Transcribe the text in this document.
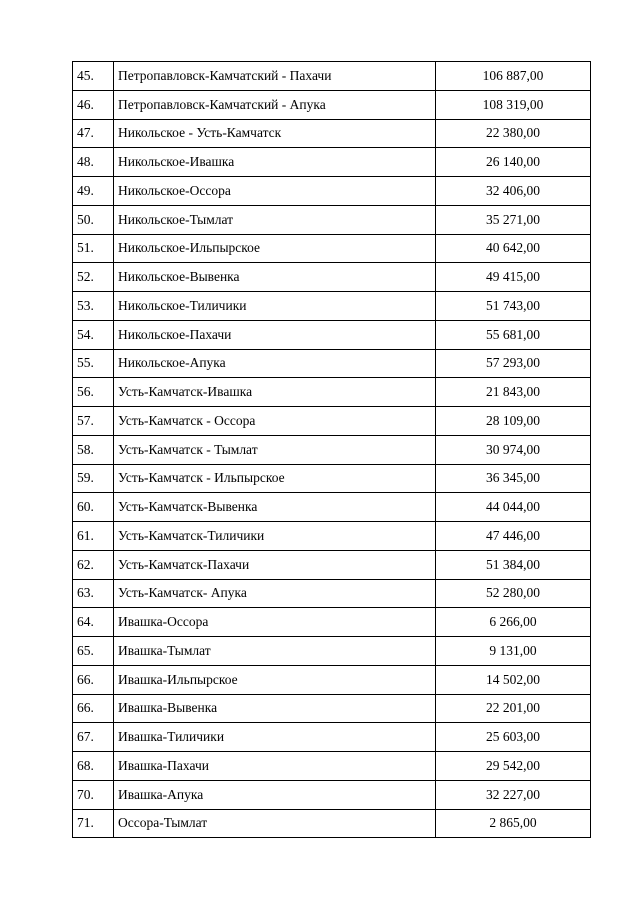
45.	Петропавловск-Камчатский - Пахачи	106 887,00
46.	Петропавловск-Камчатский - Апука	108 319,00
47.	Никольское - Усть-Камчатск	22 380,00
48.	Никольское-Ивашка	26 140,00
49.	Никольское-Оссора	32 406,00
50.	Никольское-Тымлат	35 271,00
51.	Никольское-Ильпырское	40 642,00
52.	Никольское-Вывенка	49 415,00
53.	Никольское-Тиличики	51 743,00
54.	Никольское-Пахачи	55 681,00
55.	Никольское-Апука	57 293,00
56.	Усть-Камчатск-Ивашка	21 843,00
57.	Усть-Камчатск - Оссора	28 109,00
58.	Усть-Камчатск - Тымлат	30 974,00
59.	Усть-Камчатск - Ильпырское	36 345,00
60.	Усть-Камчатск-Вывенка	44 044,00
61.	Усть-Камчатск-Тиличики	47 446,00
62.	Усть-Камчатск-Пахачи	51 384,00
63.	Усть-Камчатск- Апука	52 280,00
64.	Ивашка-Оссора	6 266,00
65.	Ивашка-Тымлат	9 131,00
66.	Ивашка-Ильпырское	14 502,00
66.	Ивашка-Вывенка	22 201,00
67.	Ивашка-Тиличики	25 603,00
68.	Ивашка-Пахачи	29 542,00
70.	Ивашка-Апука	32 227,00
71.	Оссора-Тымлат	2 865,00
